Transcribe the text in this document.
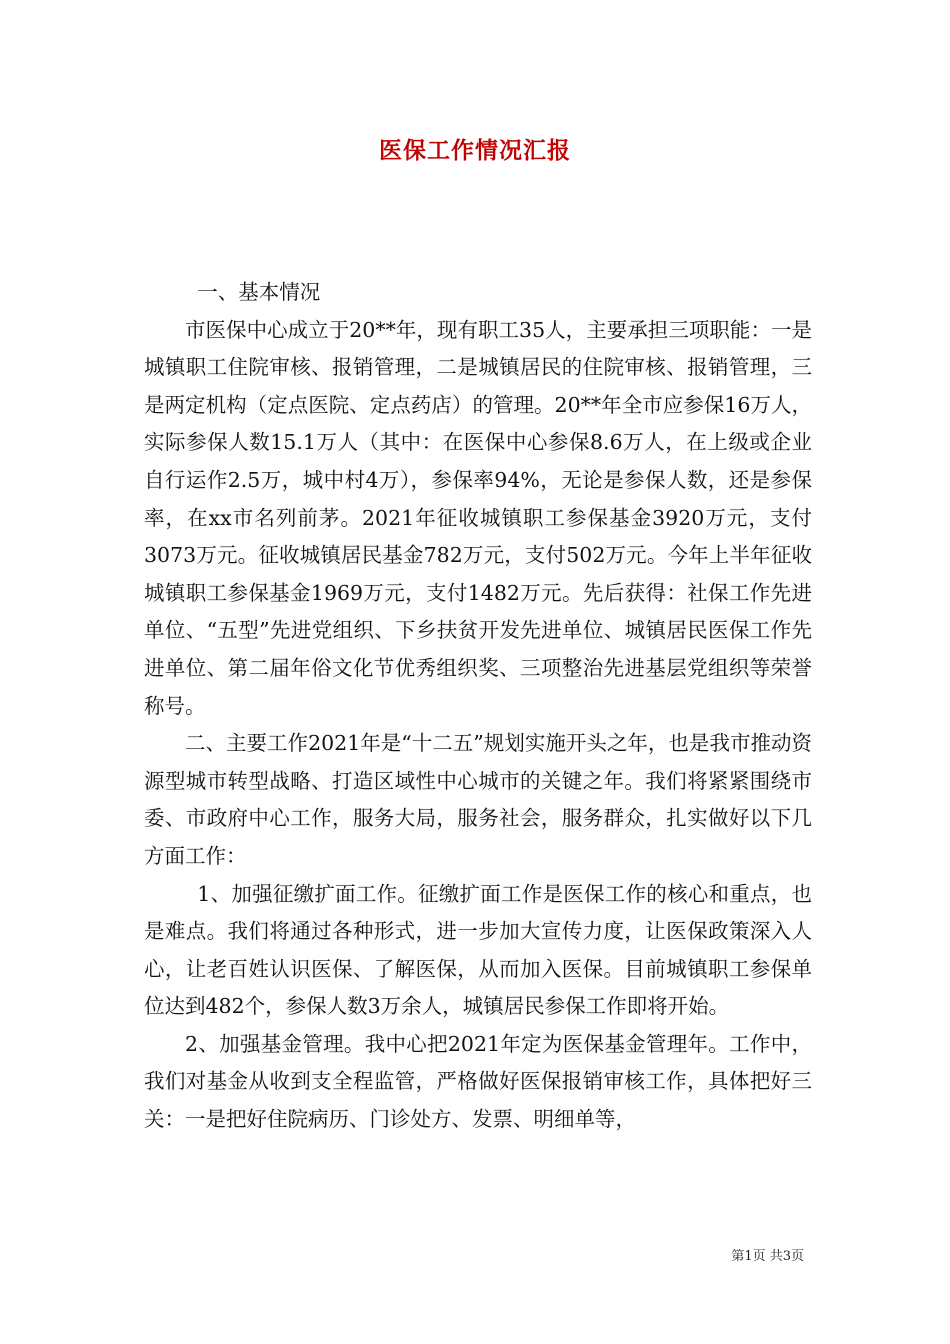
医保工作情况汇报

一、基本情况

市医保中心成立于20**年，现有职工35人，主要承担三项职能：一是城镇职工住院审核、报销管理，二是城镇居民的住院审核、报销管理，三是两定机构（定点医院、定点药店）的管理。20**年全市应参保16万人，实际参保人数15.1万人（其中：在医保中心参保8.6万人，在上级或企业自行运作2.5万，城中村4万），参保率94%，无论是参保人数，还是参保率，在xx市名列前茅。2021年征收城镇职工参保基金3920万元，支付3073万元。征收城镇居民基金782万元，支付502万元。今年上半年征收城镇职工参保基金1969万元，支付1482万元。先后获得：社保工作先进单位、“五型”先进党组织、下乡扶贫开发先进单位、城镇居民医保工作先进单位、第二届年俗文化节优秀组织奖、三项整治先进基层党组织等荣誉称号。

二、主要工作2021年是“十二五”规划实施开头之年，也是我市推动资源型城市转型战略、打造区域性中心城市的关键之年。我们将紧紧围绕市委、市政府中心工作，服务大局，服务社会，服务群众，扎实做好以下几方面工作：

1、加强征缴扩面工作。征缴扩面工作是医保工作的核心和重点，也是难点。我们将通过各种形式，进一步加大宣传力度，让医保政策深入人心，让老百姓认识医保、了解医保，从而加入医保。目前城镇职工参保单位达到482个，参保人数3万余人，城镇居民参保工作即将开始。

2、加强基金管理。我中心把2021年定为医保基金管理年。工作中，我们对基金从收到支全程监管，严格做好医保报销审核工作，具体把好三关：一是把好住院病历、门诊处方、发票、明细单等，

第1页 共3页
